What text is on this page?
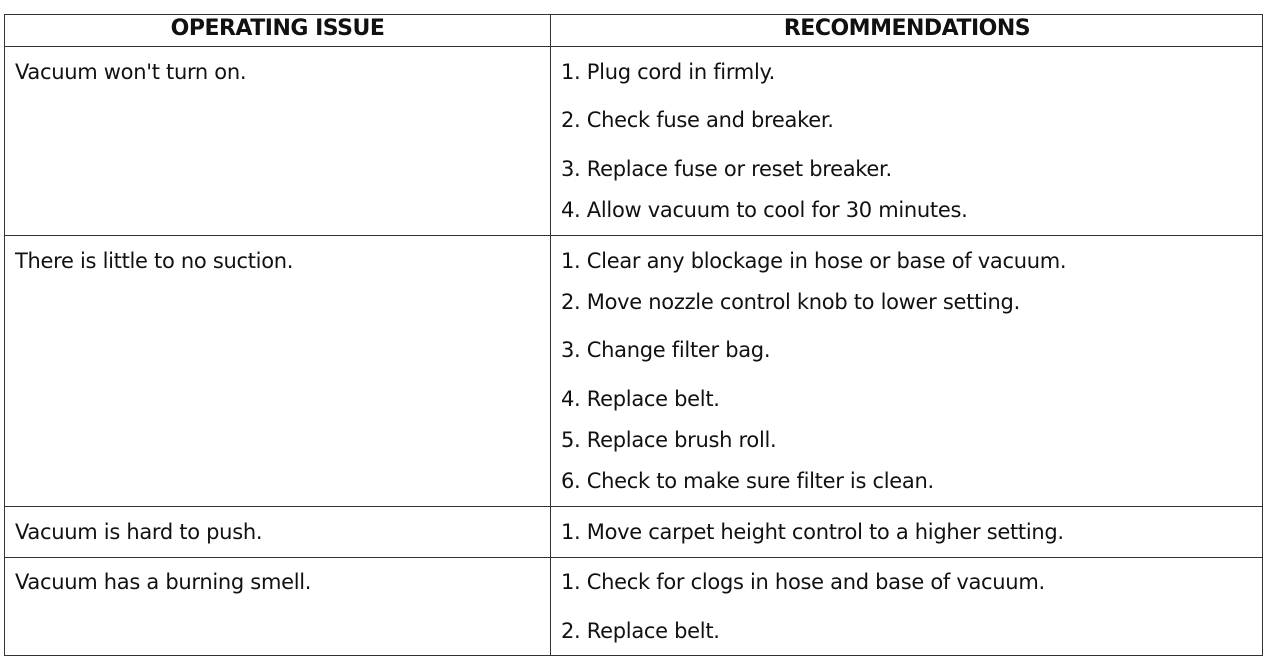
OPERATING ISSUE	RECOMMENDATIONS
Vacuum won't turn on.	1. Plug cord in firmly.
2. Check fuse and breaker.
3. Replace fuse or reset breaker.
4. Allow vacuum to cool for 30 minutes.
There is little to no suction.	1. Clear any blockage in hose or base of vacuum.
2. Move nozzle control knob to lower setting.
3. Change filter bag.
4. Replace belt.
5. Replace brush roll.
6. Check to make sure filter is clean.
Vacuum is hard to push.	1. Move carpet height control to a higher setting.
Vacuum has a burning smell.	1. Check for clogs in hose and base of vacuum.
2. Replace belt.
